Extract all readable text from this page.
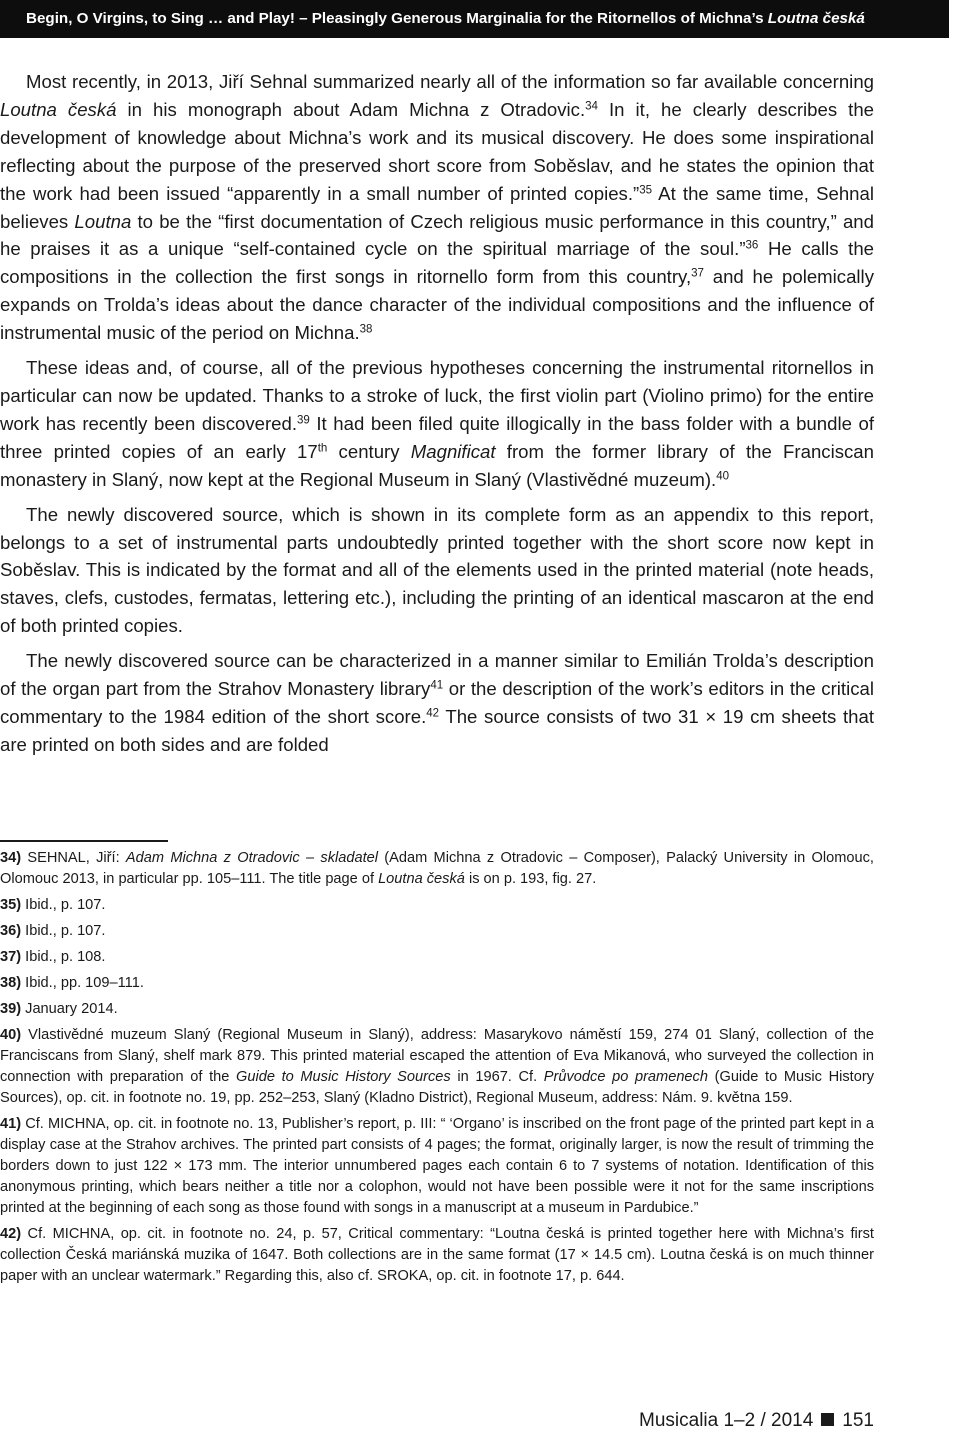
Begin, O Virgins, to Sing … and Play! – Pleasingly Generous Marginalia for the Ritornellos of Michna’s Loutna česká

Most recently, in 2013, Jiří Sehnal summarized nearly all of the information so far available concerning Loutna česká in his monograph about Adam Michna z Otradovic.$^{34}$ In it, he clearly describes the development of knowledge about Michna’s work and its musical discovery. He does some inspirational reflecting about the purpose of the preserved short score from Soběslav, and he states the opinion that the work had been issued “apparently in a small number of printed copies.”$^{35}$ At the same time, Sehnal believes Loutna to be the “first documentation of Czech religious music performance in this country,” and he praises it as a unique “self-contained cycle on the spiritual marriage of the soul.”$^{36}$ He calls the compositions in the collection the first songs in ritornello form from this country,$^{37}$ and he polemically expands on Trolda’s ideas about the dance character of the individual compositions and the influence of instrumental music of the period on Michna.$^{38}$

These ideas and, of course, all of the previous hypotheses concerning the instrumental ritornellos in particular can now be updated. Thanks to a stroke of luck, the first violin part (Violino primo) for the entire work has recently been discovered.$^{39}$ It had been filed quite illogically in the bass folder with a bundle of three printed copies of an early 17th century Magnificat from the former library of the Franciscan monastery in Slaný, now kept at the Regional Museum in Slaný (Vlastivědné muzeum).$^{40}$

The newly discovered source, which is shown in its complete form as an appendix to this report, belongs to a set of instrumental parts undoubtedly printed together with the short score now kept in Soběslav. This is indicated by the format and all of the elements used in the printed material (note heads, staves, clefs, custodes, fermatas, lettering etc.), including the printing of an identical mascaron at the end of both printed copies.

The newly discovered source can be characterized in a manner similar to Emilián Trolda’s description of the organ part from the Strahov Monastery library$^{41}$ or the description of the work’s editors in the critical commentary to the 1984 edition of the short score.$^{42}$ The source consists of two 31 × 19 cm sheets that are printed on both sides and are folded

34) SEHNAL, Jiří: Adam Michna z Otradovic – skladatel (Adam Michna z Otradovic – Composer), Palacký University in Olomouc, Olomouc 2013, in particular pp. 105–111. The title page of Loutna česká is on p. 193, fig. 27.
35) Ibid., p. 107.
36) Ibid., p. 107.
37) Ibid., p. 108.
38) Ibid., pp. 109–111.
39) January 2014.
40) Vlastivědné muzeum Slaný (Regional Museum in Slaný), address: Masarykovo náměstí 159, 274 01 Slaný, collection of the Franciscans from Slaný, shelf mark 879. This printed material escaped the attention of Eva Mikanová, who surveyed the collection in connection with preparation of the Guide to Music History Sources in 1967. Cf. Průvodce po pramenech (Guide to Music History Sources), op. cit. in footnote no. 19, pp. 252–253, Slaný (Kladno District), Regional Museum, address: Nám. 9. května 159.
41) Cf. MICHNA, op. cit. in footnote no. 13, Publisher’s report, p. III: “ ‘Organo’ is inscribed on the front page of the printed part kept in a display case at the Strahov archives. The printed part consists of 4 pages; the format, originally larger, is now the result of trimming the borders down to just 122 × 173 mm. The interior unnumbered pages each contain 6 to 7 systems of notation. Identification of this anonymous printing, which bears neither a title nor a colophon, would not have been possible were it not for the same inscriptions printed at the beginning of each song as those found with songs in a manuscript at a museum in Pardubice.”
42) Cf. MICHNA, op. cit. in footnote no. 24, p. 57, Critical commentary: “Loutna česká is printed together here with Michna’s first collection Česká mariánská muzika of 1647. Both collections are in the same format (17 × 14.5 cm). Loutna česká is on much thinner paper with an unclear watermark.” Regarding this, also cf. SROKA, op. cit. in footnote 17, p. 644.
Musicalia 1–2 / 2014 151
